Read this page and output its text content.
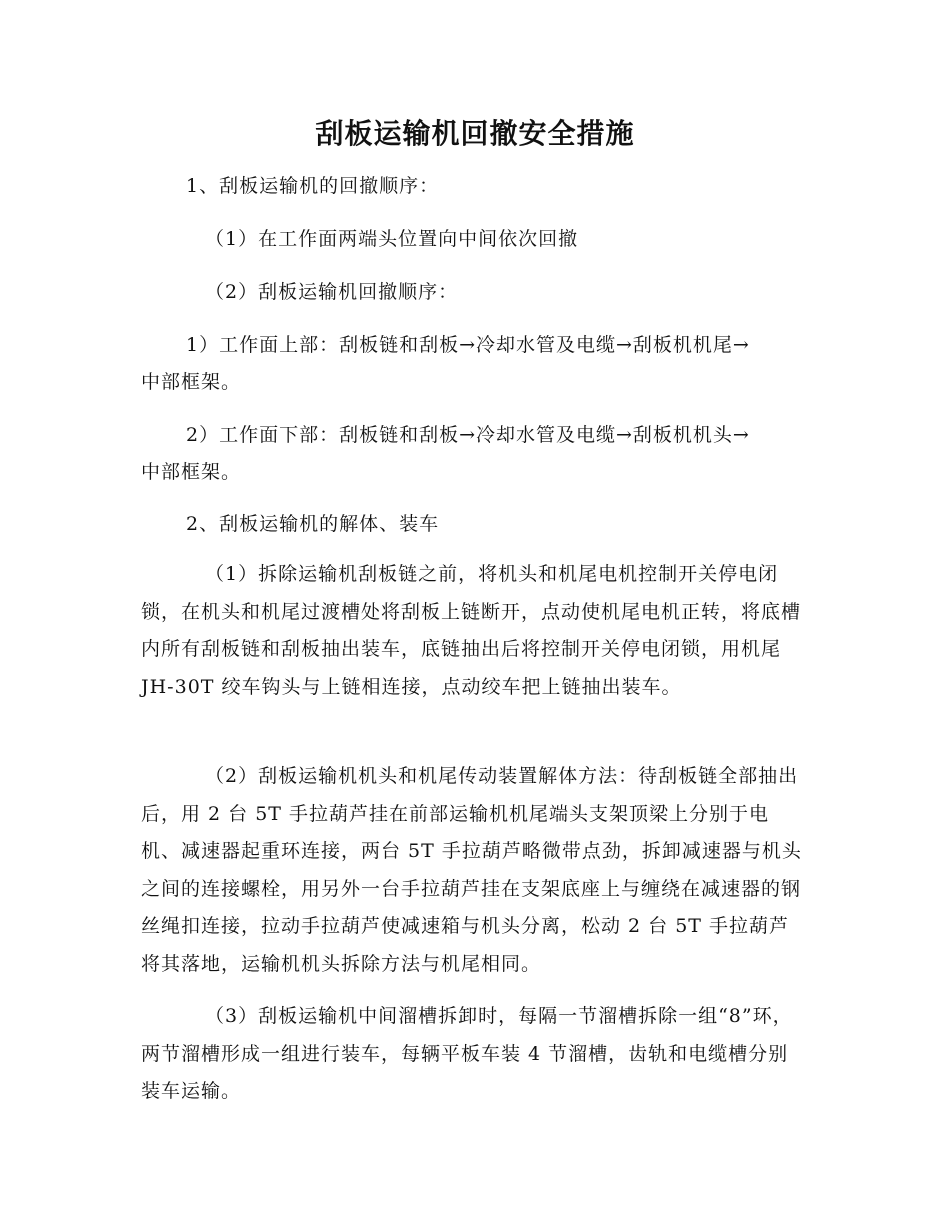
刮板运输机回撤安全措施
1、刮板运输机的回撤顺序：
（1）在工作面两端头位置向中间依次回撤
（2）刮板运输机回撤顺序：
1）工作面上部：刮板链和刮板→冷却水管及电缆→刮板机机尾→
中部框架。
2）工作面下部：刮板链和刮板→冷却水管及电缆→刮板机机头→
中部框架。
2、刮板运输机的解体、装车
（1）拆除运输机刮板链之前，将机头和机尾电机控制开关停电闭锁，在机头和机尾过渡槽处将刮板上链断开，点动使机尾电机正转，将底槽内所有刮板链和刮板抽出装车，底链抽出后将控制开关停电闭锁，用机尾 JH-30T 绞车钩头与上链相连接，点动绞车把上链抽出装车。
（2）刮板运输机机头和机尾传动装置解体方法：待刮板链全部抽出后，用 2 台 5T 手拉葫芦挂在前部运输机机尾端头支架顶梁上分别于电机、减速器起重环连接，两台 5T 手拉葫芦略微带点劲，拆卸减速器与机头之间的连接螺栓，用另外一台手拉葫芦挂在支架底座上与缠绕在减速器的钢丝绳扣连接，拉动手拉葫芦使减速箱与机头分离，松动 2 台 5T 手拉葫芦将其落地，运输机机头拆除方法与机尾相同。
（3）刮板运输机中间溜槽拆卸时，每隔一节溜槽拆除一组“8”环，两节溜槽形成一组进行装车，每辆平板车装 4 节溜槽，齿轨和电缆槽分别装车运输。
